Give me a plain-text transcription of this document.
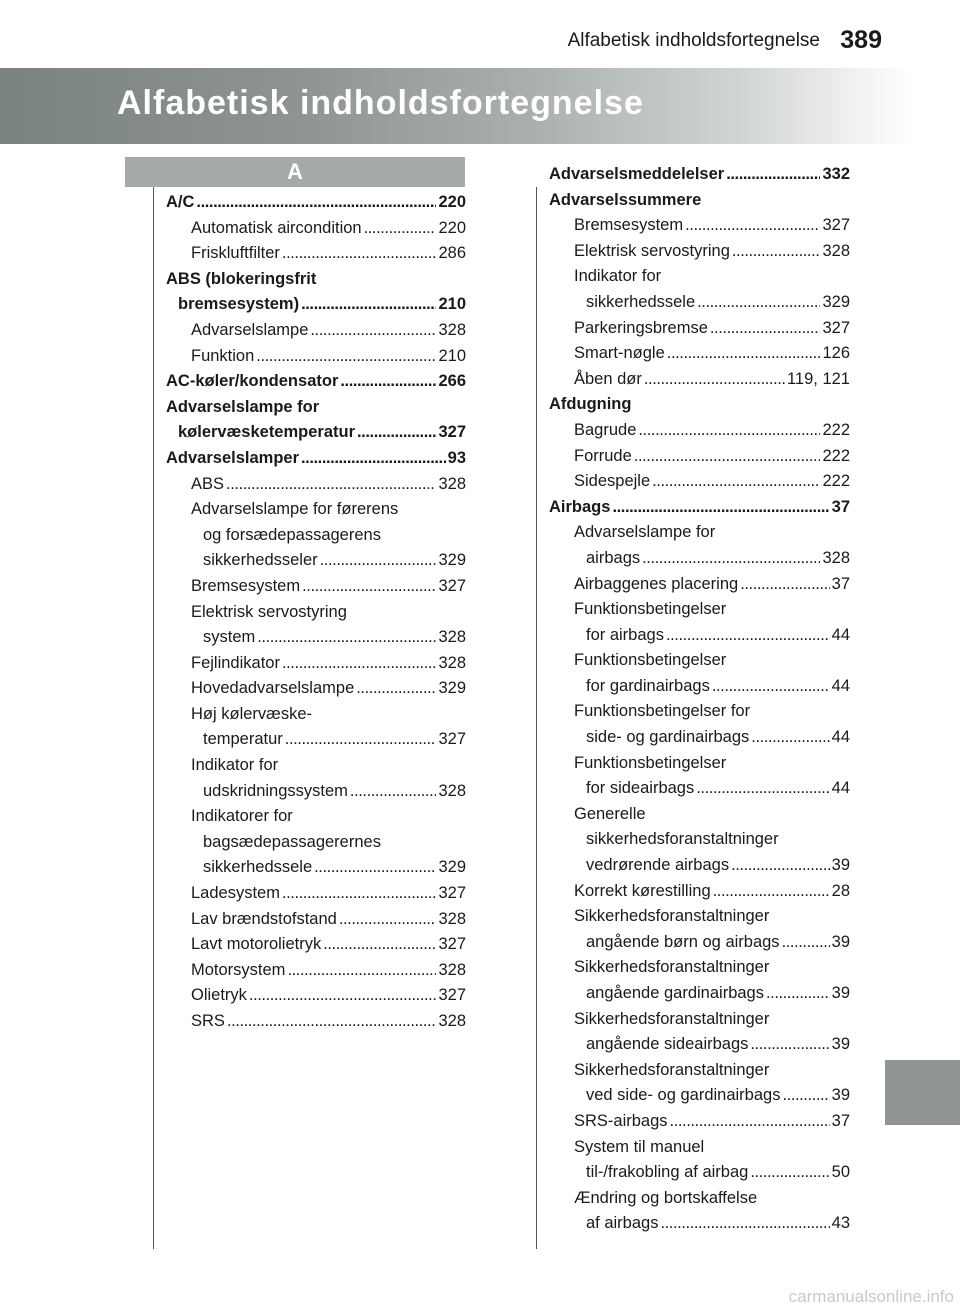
Alfabetisk indholdsfortegnelse 389
Alfabetisk indholdsfortegnelse
A
A/C . . .	220
Automatisk aircondition . . .	220
Friskluftfilter . . .	286
ABS (blokeringsfrit
bremsesystem) . . .	210
Advarselslampe . . .	328
Funktion . . .	210
AC-køler/kondensator . . .	266
Advarselslampe for
kølervæsketemperatur . . .	327
Advarselslamper . . .	93
ABS . . .	328
Advarselslampe for førerens
og forsædepassagerens
sikkerhedsseler . . .	329
Bremsesystem . . .	327
Elektrisk servostyring
system . . .	328
Fejlindikator . . .	328
Hovedadvarselslampe . . .	329
Høj kølervæske-
temperatur . . .	327
Indikator for
udskridningssystem . . .	328
Indikatorer for
bagsædepassagerernes
sikkerhedssele . . .	329
Ladesystem . . .	327
Lav brændstofstand . . .	328
Lavt motorolietryk . . .	327
Motorsystem . . .	328
Olietryk . . .	327
SRS . . .	328
Advarselsmeddelelser . . .	332
Advarselssummere
Bremsesystem . . .	327
Elektrisk servostyring . . .	328
Indikator for
sikkerhedssele . . .	329
Parkeringsbremse . . .	327
Smart-nøgle . . .	126
Åben dør . . .	119, 121
Afdugning
Bagrude . . .	222
Forrude . . .	222
Sidespejle . . .	222
Airbags . . .	37
Advarselslampe for
airbags . . .	328
Airbaggenes placering . . .	37
Funktionsbetingelser
for airbags . . .	44
Funktionsbetingelser
for gardinairbags . . .	44
Funktionsbetingelser for
side- og gardinairbags . . .	44
Funktionsbetingelser
for sideairbags . . .	44
Generelle
sikkerhedsforanstaltninger
vedrørende airbags . . .	39
Korrekt kørestilling . . .	28
Sikkerhedsforanstaltninger
angående børn og airbags . . .	39
Sikkerhedsforanstaltninger
angående gardinairbags . . .	39
Sikkerhedsforanstaltninger
angående sideairbags . . .	39
Sikkerhedsforanstaltninger
ved side- og gardinairbags . . .	39
SRS-airbags . . .	37
System til manuel
til-/frakobling af airbag . . .	50
Ændring og bortskaffelse
af airbags . . .	43
carmanualsonline.info
